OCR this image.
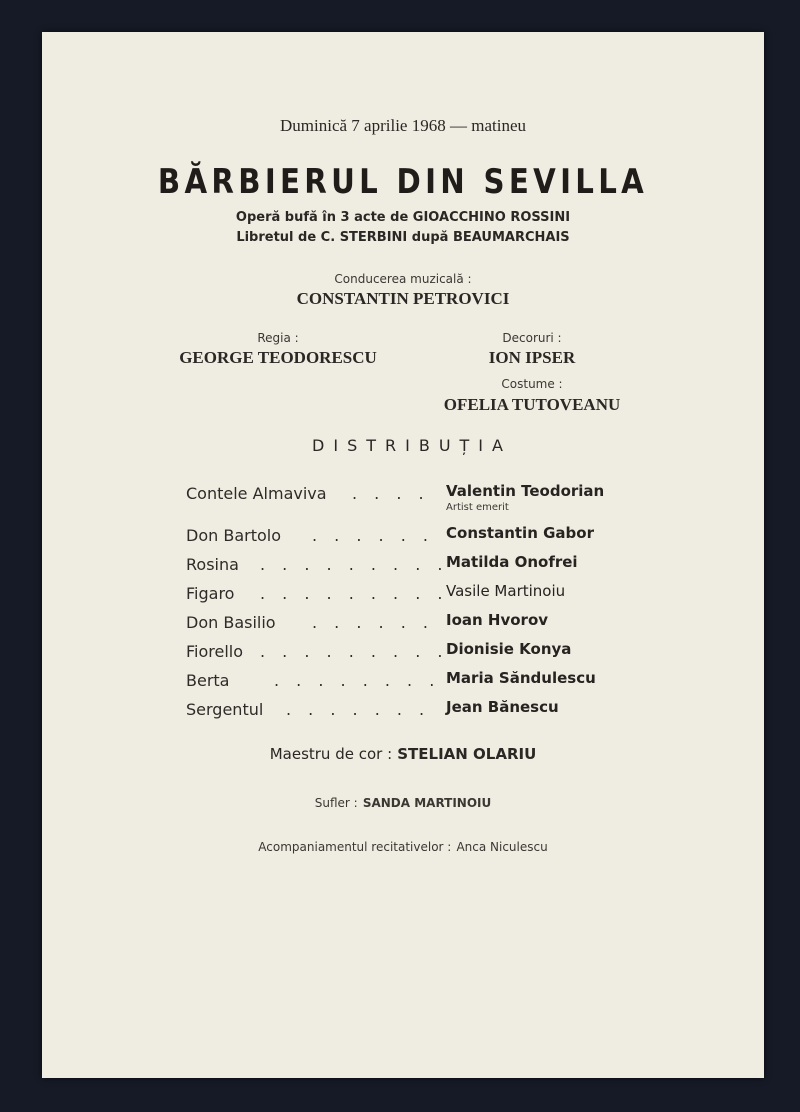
Duminică 7 aprilie 1968 — matineu
BĂRBIERUL DIN SEVILLA
Operă bufă în 3 acte de GIOACCHINO ROSSINI
Libretul de C. STERBINI după BEAUMARCHAIS
Conducerea muzicală :
CONSTANTIN PETROVICI
Regia :
GEORGE TEODORESCU
Decoruri :
ION IPSER
Costume :
OFELIA TUTOVEANU
DISTRIBUȚIA
Contele Almaviva . . . . Valentin Teodorian
Artist emerit
Don Bartolo . . . . . . Constantin Gabor
Rosina . . . . . . . . .
Matilda Onofrei
Figaro . . . . . . . . .
Vasile Martinoiu
Don Basilio . . . . . . Ioan Hvorov
Fiorello . . . . . . . . .
Dionisie Konya
Berta	. . . . . . . . Maria Săndulescu
Sergentul . . . . . . . Jean Bănescu
Maestru de cor : STELIAN OLARIU
Sufler : SANDA MARTINOIU
Acompaniamentul recitativelor : Anca Niculescu
